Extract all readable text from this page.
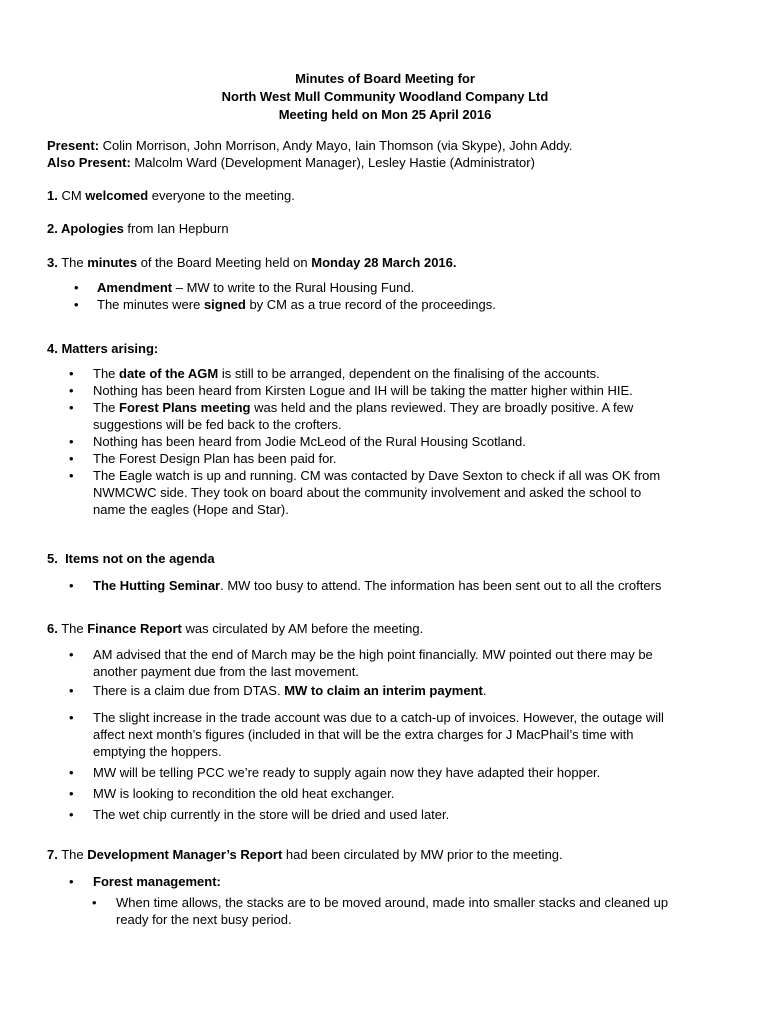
Minutes of Board Meeting for
North West Mull Community Woodland Company Ltd
Meeting held on Mon 25 April 2016
Present: Colin Morrison, John Morrison, Andy Mayo, Iain Thomson (via Skype), John Addy.
Also Present: Malcolm Ward (Development Manager), Lesley Hastie (Administrator)
1. CM welcomed everyone to the meeting.
2. Apologies from Ian Hepburn
3. The minutes of the Board Meeting held on Monday 28 March 2016.
•
Amendment – MW to write to the Rural Housing Fund.
•
The minutes were signed by CM as a true record of the proceedings.
4. Matters arising:
•
The date of the AGM is still to be arranged, dependent on the finalising of the accounts.
•
Nothing has been heard from Kirsten Logue and IH will be taking the matter higher within HIE.
•
The Forest Plans meeting was held and the plans reviewed. They are broadly positive. A few
suggestions will be fed back to the crofters.
•
Nothing has been heard from Jodie McLeod of the Rural Housing Scotland.
•
The Forest Design Plan has been paid for.
•
The Eagle watch is up and running. CM was contacted by Dave Sexton to check if all was OK from
NWMCWC side. They took on board about the community involvement and asked the school to
name the eagles (Hope and Star).
5.  Items not on the agenda
•
The Hutting Seminar. MW too busy to attend. The information has been sent out to all the crofters
6. The Finance Report was circulated by AM before the meeting.
•
AM advised that the end of March may be the high point financially. MW pointed out there may be
another payment due from the last movement.
•
There is a claim due from DTAS. MW to claim an interim payment.
•
The slight increase in the trade account was due to a catch-up of invoices. However, the outage will
affect next month’s figures (included in that will be the extra charges for J MacPhail’s time with
emptying the hoppers.
•
MW will be telling PCC we’re ready to supply again now they have adapted their hopper.
•
MW is looking to recondition the old heat exchanger.
•
The wet chip currently in the store will be dried and used later.
7. The Development Manager’s Report had been circulated by MW prior to the meeting.
•
Forest management:
•
When time allows, the stacks are to be moved around, made into smaller stacks and cleaned up
ready for the next busy period.
